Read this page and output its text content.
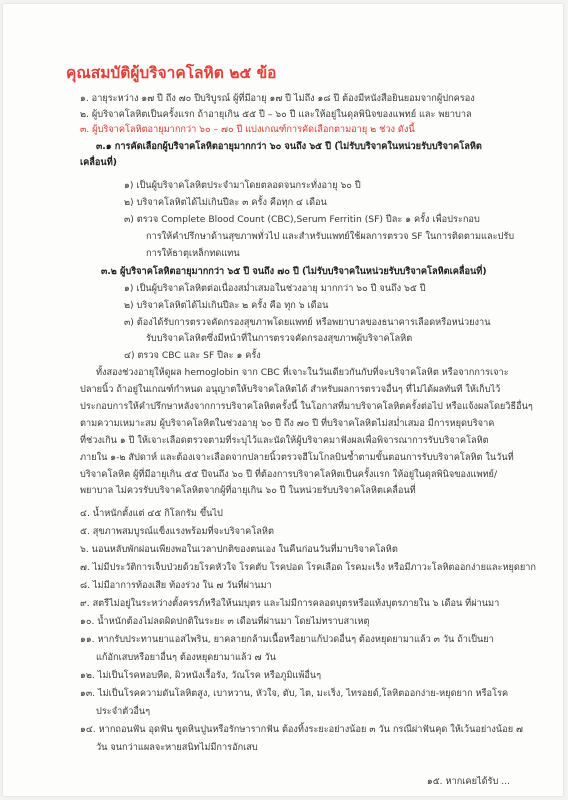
คุณสมบัติผู้บริจาคโลหิต ๒๕ ข้อ
๑. อายุระหว่าง ๑๗ ปี ถึง ๗๐ ปีบริบูรณ์ ผู้ที่มีอายุ ๑๗ ปี ไม่ถึง ๑๘ ปี ต้องมีหนังสือยินยอมจากผู้ปกครอง
๒. ผู้บริจาคโลหิตเป็นครั้งแรก ถ้าอายุเกิน ๕๕ ปี – ๖๐ ปี และให้อยู่ในดุลพินิจของแพทย์ และ พยาบาล
๓. ผู้บริจาคโลหิตอายุมากกว่า ๖๐ – ๗๐ ปี แบ่งเกณฑ์การคัดเลือกตามอายุ ๒ ช่วง ดังนี้
๓.๑ การคัดเลือกผู้บริจาคโลหิตอายุมากกว่า ๖๐ จนถึง ๖๕ ปี (ไม่รับบริจาคในหน่วยรับบริจาคโลหิต
เคลื่อนที่)
๑) เป็นผู้บริจาคโลหิตประจำมาโดยตลอดจนกระทั่งอายุ ๖๐ ปี
๒) บริจาคโลหิตได้ไม่เกินปีละ ๓ ครั้ง คือทุก ๔ เดือน
๓) ตรวจ Complete Blood Count (CBC),Serum Ferritin (SF) ปีละ ๑ ครั้ง เพื่อประกอบ
การให้คำปรึกษาด้านสุขภาพทั่วไป และสำหรับแพทย์ใช้ผลการตรวจ SF ในการติดตามและปรับ
การให้ธาตุเหล็กทดแทน
๓.๒ ผู้บริจาคโลหิตอายุมากกว่า ๖๕ ปี จนถึง ๗๐ ปี (ไม่รับบริจาคในหน่วยรับบริจาคโลหิตเคลื่อนที่)
๑) เป็นผู้บริจาคโลหิตต่อเนื่องสม่ำเสมอในช่วงอายุ มากกว่า ๖๐ ปี จนถึง ๖๕ ปี
๒) บริจาคโลหิตได้ไม่เกินปีละ ๒ ครั้ง คือ ทุก ๖ เดือน
๓) ต้องได้รับการตรวจคัดกรองสุขภาพโดยแพทย์ หรือพยาบาลของธนาคารเลือดหรือหน่วยงาน
รับบริจาคโลหิตซึ่งมีหน้าที่ในการตรวจคัดกรองสุขภาพผู้บริจาคโลหิต
๔) ตรวจ CBC และ SF ปีละ ๑ ครั้ง
ทั้งสองช่วงอายุให้ดูผล hemoglobin จาก CBC ที่เจาะในวันเดียวกันกับที่จะบริจาคโลหิต หรือจากการเจาะ
ปลายนิ้ว ถ้าอยู่ในเกณฑ์กำหนด อนุญาตให้บริจาคโลหิตได้ สำหรับผลการตรวจอื่นๆ ที่ไม่ได้ผลทันที ให้เก็บไว้
ประกอบการให้คำปรึกษาหลังจากการบริจาคโลหิตครั้งนี้ ในโอกาสที่มาบริจาคโลหิตครั้งต่อไป หรือแจ้งผลโดยวิธีอื่นๆ
ตามความเหมาะสม ผู้บริจาคโลหิตในช่วงอายุ ๖๐ ปี ถึง ๗๐ ปี ที่บริจาคโลหิตไม่สม่ำเสมอ มีการหยุดบริจาค
ที่ช่วงเกิน ๑ ปี ให้เจาะเลือดตรวจตามที่ระบุไว้และนัดให้ผู้บริจาคมาฟังผลเพื่อพิจารณาการรับบริจาคโลหิต
ภายใน ๑-๒ สัปดาห์ และต้องเจาะเลือดจากปลายนิ้วตรวจฮีโมโกลบินซ้ำตามขั้นตอนการรับบริจาคโลหิต ในวันที่
บริจาคโลหิต ผู้ที่มีอายุเกิน ๕๕ ปีจนถึง ๖๐ ปี ที่ต้องการบริจาคโลหิตเป็นครั้งแรก ให้อยู่ในดุลพินิจของแพทย์/
พยาบาล ไม่ควรรับบริจาคโลหิตจากผู้ที่อายุเกิน ๖๐ ปี ในหน่วยรับบริจาคโลหิตเคลื่อนที่
๔. น้ำหนักตั้งแต่ ๔๕ กิโลกรัม ขึ้นไป
๕. สุขภาพสมบูรณ์แข็งแรงพร้อมที่จะบริจาคโลหิต
๖. นอนหลับพักผ่อนเพียงพอในเวลาปกติของตนเอง ในคืนก่อนวันที่มาบริจาคโลหิต
๗. ไม่มีประวัติการเจ็บป่วยด้วยโรคหัวใจ โรคตับ โรคปอด โรคเลือด โรคมะเร็ง หรือมีภาวะโลหิตออกง่ายและหยุดยาก
๘. ไม่มีอาการท้องเสีย ท้องร่วง ใน ๗ วันที่ผ่านมา
๙. สตรีไม่อยู่ในระหว่างตั้งครรภ์หรือให้นมบุตร และไม่มีการคลอดบุตรหรือแท้งบุตรภายใน ๖ เดือน ที่ผ่านมา
๑๐. น้ำหนักต้องไม่ลดผิดปกติในระยะ ๓ เดือนที่ผ่านมา โดยไม่ทราบสาเหตุ
๑๑. หากรับประทานยาแอสไพริน, ยาคลายกล้ามเนื้อหรือยาแก้ปวดอื่นๆ ต้องหยุดยามาแล้ว ๓ วัน ถ้าเป็นยา
แก้อักเสบหรือยาอื่นๆ ต้องหยุดยามาแล้ว ๗ วัน
๑๒. ไม่เป็นโรคหอบหืด, ผิวหนังเรื้อรัง, วัณโรค หรือภูมิแพ้อื่นๆ
๑๓. ไม่เป็นโรคความดันโลหิตสูง, เบาหวาน, หัวใจ, ตับ, ไต, มะเร็ง, ไทรอยด์,โลหิตออกง่าย-หยุดยาก หรือโรค
ประจำตัวอื่นๆ
๑๔. หากถอนฟัน อุดฟัน ขูดหินปูนหรือรักษารากฟัน ต้องทิ้งระยะอย่างน้อย ๓ วัน กรณีผ่าฟันคุด ให้เว้นอย่างน้อย ๗
วัน จนกว่าแผลจะหายสนิทไม่มีการอักเสบ
๑๕. หากเคยได้รับ ...
